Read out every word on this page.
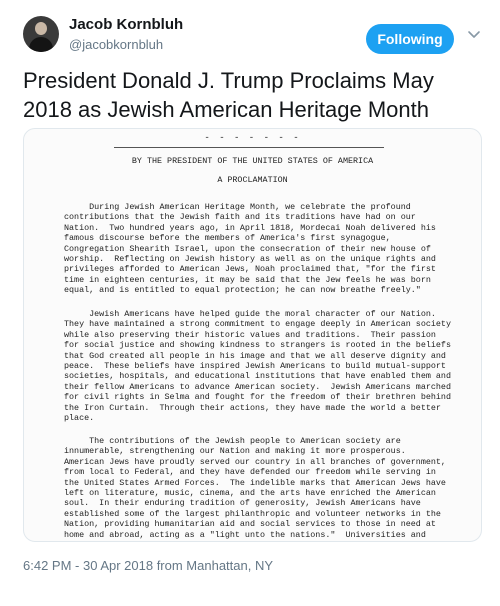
Jacob Kornbluh
@jacobkornbluh	Following
President Donald J. Trump Proclaims May 2018 as Jewish American Heritage Month
- - - - - - -
BY THE PRESIDENT OF THE UNITED STATES OF AMERICA
A PROCLAMATION
During Jewish American Heritage Month, we celebrate the profound
contributions that the Jewish faith and its traditions have had on our
Nation.  Two hundred years ago, in April 1818, Mordecai Noah delivered his
famous discourse before the members of America's first synagogue,
Congregation Shearith Israel, upon the consecration of their new house of
worship.  Reflecting on Jewish history as well as on the unique rights and
privileges afforded to American Jews, Noah proclaimed that, "for the first
time in eighteen centuries, it may be said that the Jew feels he was born
equal, and is entitled to equal protection; he can now breathe freely."
Jewish Americans have helped guide the moral character of our Nation.
They have maintained a strong commitment to engage deeply in American society
while also preserving their historic values and traditions.  Their passion
for social justice and showing kindness to strangers is rooted in the beliefs
that God created all people in his image and that we all deserve dignity and
peace.  These beliefs have inspired Jewish Americans to build mutual-support
societies, hospitals, and educational institutions that have enabled them and
their fellow Americans to advance American society.  Jewish Americans marched
for civil rights in Selma and fought for the freedom of their brethren behind
the Iron Curtain.  Through their actions, they have made the world a better
place.
The contributions of the Jewish people to American society are
innumerable, strengthening our Nation and making it more prosperous.
American Jews have proudly served our country in all branches of government,
from local to Federal, and they have defended our freedom while serving in
the United States Armed Forces.  The indelible marks that American Jews have
left on literature, music, cinema, and the arts have enriched the American
soul.  In their enduring tradition of generosity, Jewish Americans have
established some of the largest philanthropic and volunteer networks in the
Nation, providing humanitarian aid and social services to those in need at
home and abroad, acting as a "light unto the nations."  Universities and
6:42 PM - 30 Apr 2018 from Manhattan, NY
